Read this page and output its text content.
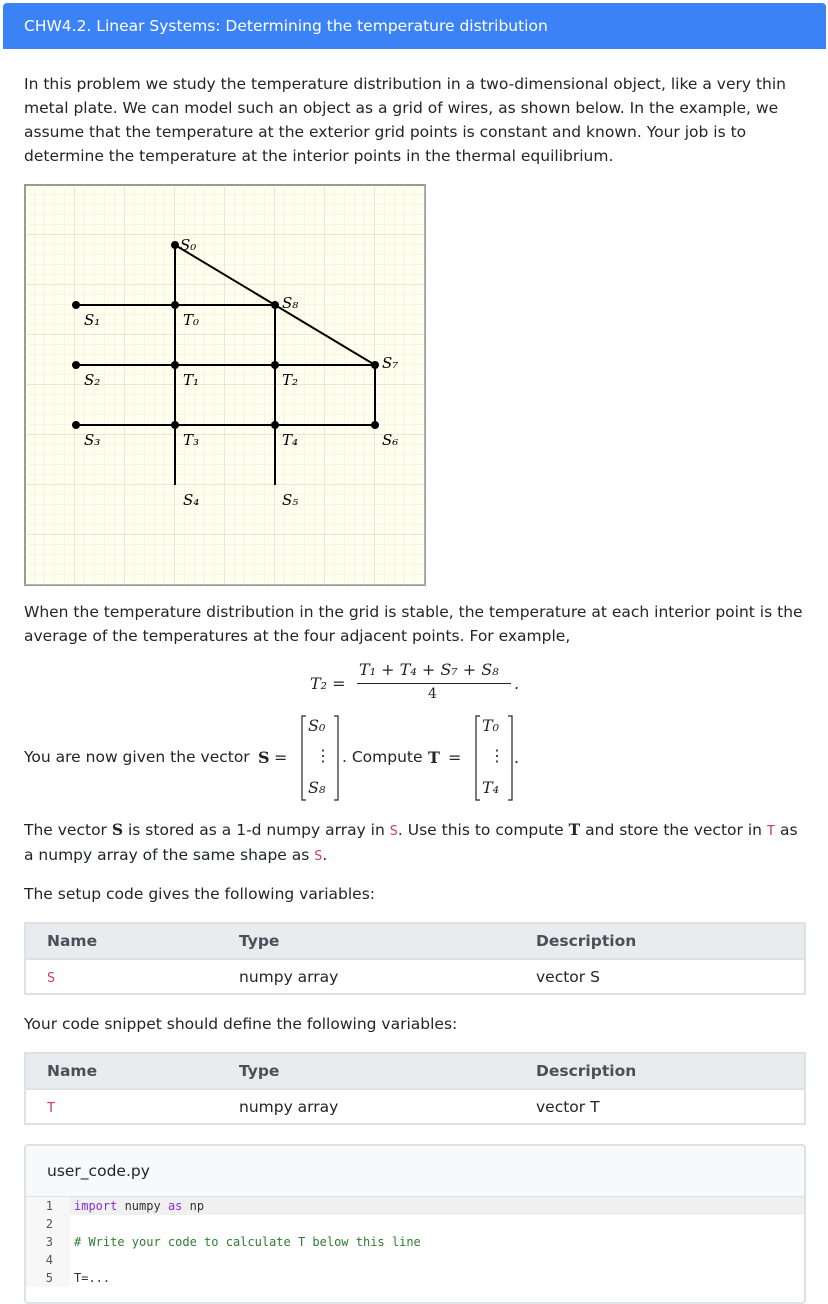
CHW4.2. Linear Systems: Determining the temperature distribution

In this problem we study the temperature distribution in a two-dimensional object, like a very thin metal plate. We can model such an object as a grid of wires, as shown below. In the example, we assume that the temperature at the exterior grid points is constant and known. Your job is to determine the temperature at the interior points in the thermal equilibrium.

S₀
S₁	T₀
S₈
S₂	T₁	T₂
S₇
S₃	T₃	T₄	S₆
S₄	S₅

When the temperature distribution in the grid is stable, the temperature at each interior point is the average of the temperatures at the four adjacent points. For example,

T₂ =
T₁ + T₄ + S₇ + S₈
4
.
You are now given the vector S =
S₀
⋮
S₈
. Compute T =
T₀
⋮
T₄
.

The vector S is stored as a 1-d numpy array in S. Use this to compute T and store the vector in T as a numpy array of the same shape as S.

The setup code gives the following variables:

Name	Type	Description
S	numpy array	vector S

Your code snippet should define the following variables:

Name	Type	Description
T	numpy array	vector T
user_code.py
1	import numpy as np
2
3	# Write your code to calculate T below this line
4
5	T=...
